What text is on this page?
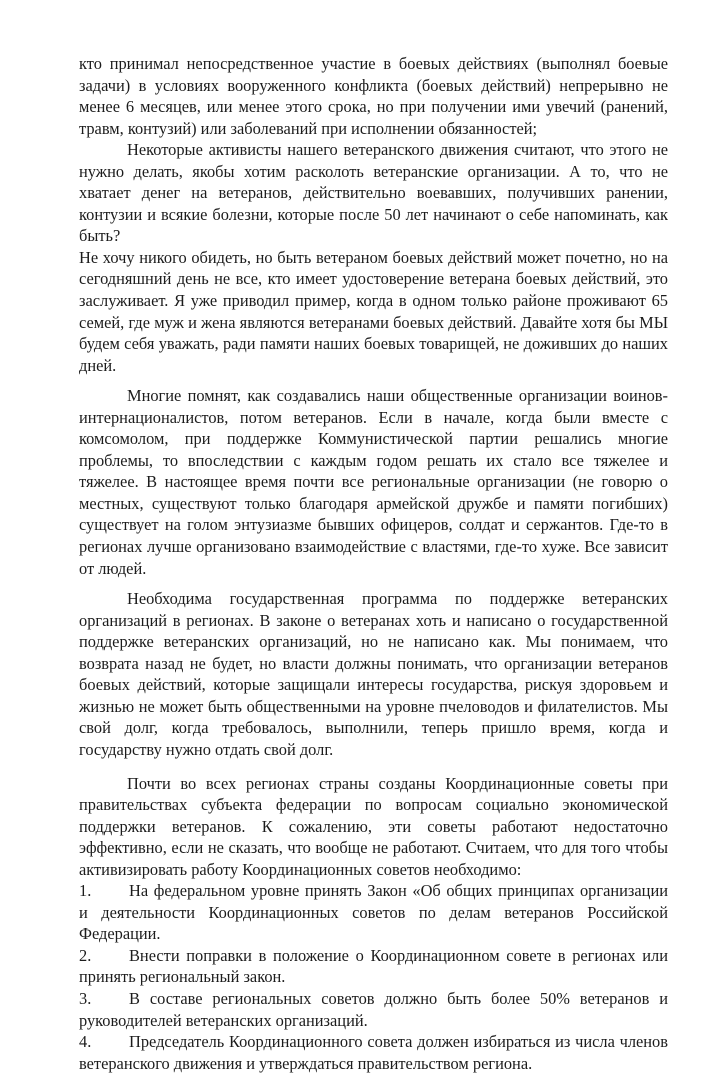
кто принимал непосредственное участие в боевых действиях (выполнял боевые задачи) в условиях вооруженного конфликта (боевых действий) непрерывно не менее 6 месяцев, или менее этого срока, но при получении ими увечий (ранений, травм, контузий) или заболеваний при исполнении обязанностей;

Некоторые активисты нашего ветеранского движения считают, что этого не нужно делать, якобы хотим расколоть ветеранские организации. А то, что не хватает денег на ветеранов, действительно воевавших, получивших ранении, контузии и всякие болезни, которые после 50 лет начинают о себе напоминать, как быть?

Не хочу никого обидеть, но быть ветераном боевых действий может почетно, но на сегодняшний день не все, кто имеет удостоверение ветерана боевых действий, это заслуживает. Я уже приводил пример, когда в одном только районе проживают 65 семей, где муж и жена являются ветеранами боевых действий. Давайте хотя бы МЫ будем себя уважать, ради памяти наших боевых товарищей, не доживших до наших дней.

Многие помнят, как создавались наши общественные организации воинов-интернационалистов, потом ветеранов. Если в начале, когда были вместе с комсомолом, при поддержке Коммунистической партии решались многие проблемы, то впоследствии с каждым годом решать их стало все тяжелее и тяжелее. В настоящее время почти все региональные организации (не говорю о местных, существуют только благодаря армейской дружбе и памяти погибших) существует на голом энтузиазме бывших офицеров, солдат и сержантов. Где-то в регионах лучше организовано взаимодействие с властями, где-то хуже. Все зависит от людей.

Необходима государственная программа по поддержке ветеранских организаций в регионах. В законе о ветеранах хоть и написано о государственной поддержке ветеранских организаций, но не написано как. Мы понимаем, что возврата назад не будет, но власти должны понимать, что организации ветеранов боевых действий, которые защищали интересы государства, рискуя здоровьем и жизнью не может быть общественными на уровне пчеловодов и филателистов. Мы свой долг, когда требовалось, выполнили, теперь пришло время, когда и государству нужно отдать свой долг.

Почти во всех регионах страны созданы Координационные советы при правительствах субъекта федерации по вопросам социально экономической поддержки ветеранов. К сожалению, эти советы работают недостаточно эффективно, если не сказать, что вообще не работают. Считаем, что для того чтобы активизировать работу Координационных советов необходимо:

1. На федеральном уровне принять Закон «Об общих принципах организации и деятельности Координационных советов по делам ветеранов Российской Федерации.

2. Внести поправки в положение о Координационном совете в регионах или принять региональный закон.

3. В составе региональных советов должно быть более 50% ветеранов и руководителей ветеранских организаций.

4. Председатель Координационного совета должен избираться из числа членов ветеранского движения и утверждаться правительством региона.
